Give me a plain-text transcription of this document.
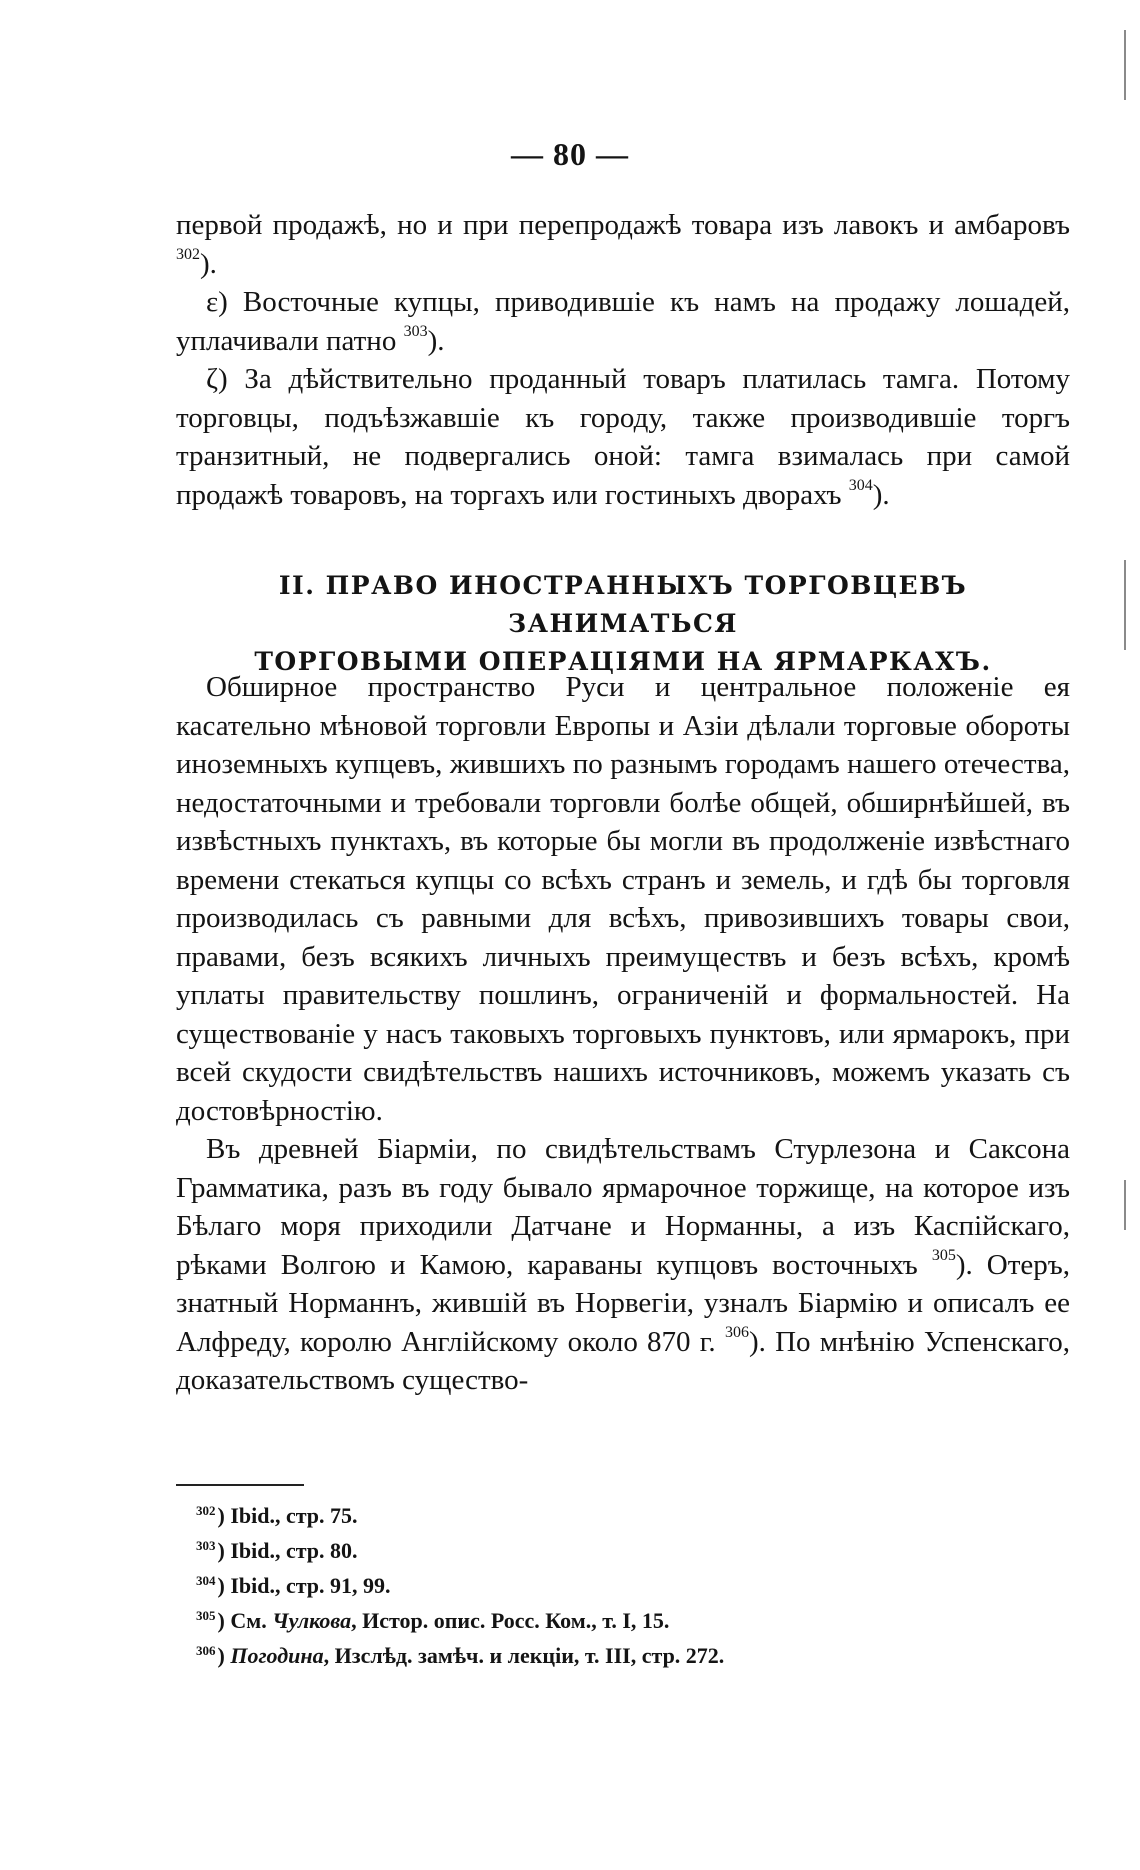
— 80 —

первой продажѣ, но и при перепродажѣ товара изъ лавокъ и амбаровъ $^{302}$).

ε) Восточные купцы, приводившіе къ намъ на продажу лошадей, уплачивали патно $^{303}$).

ζ) За дѣйствительно проданный товаръ платилась тамга. Потому торговцы, подъѣзжавшіе къ городу, также производившіе торгъ транзитный, не подвергались оной: тамга взималась при самой продажѣ товаровъ, на торгахъ или гостиныхъ дворахъ $^{304}$).

II. ПРАВО ИНОСТРАННЫХЪ ТОРГОВЦЕВЪ ЗАНИМАТЬСЯ
ТОРГОВЫМИ ОПЕРАЦІЯМИ НА ЯРМАРКАХЪ.

Обширное пространство Руси и центральное положеніе ея касательно мѣновой торговли Европы и Азіи дѣлали торговые обороты иноземныхъ купцевъ, жившихъ по разнымъ городамъ нашего отечества, недостаточными и требовали торговли болѣе общей, обширнѣйшей, въ извѣстныхъ пунктахъ, въ которые бы могли въ продолженіе извѣстнаго времени стекаться купцы со всѣхъ странъ и земель, и гдѣ бы торговля производилась съ равными для всѣхъ, привозившихъ товары свои, правами, безъ всякихъ личныхъ преимуществъ и безъ всѣхъ, кромѣ уплаты правительству пошлинъ, ограниченій и формальностей. На существованіе у насъ таковыхъ торговыхъ пунктовъ, или ярмарокъ, при всей скудости свидѣтельствъ нашихъ источниковъ, можемъ указать съ достовѣрностію.

Въ древней Біарміи, по свидѣтельствамъ Стурлезона и Саксона Грамматика, разъ въ году бывало ярмарочное торжище, на которое изъ Бѣлаго моря приходили Датчане и Норманны, а изъ Каспійскаго, рѣками Волгою и Камою, караваны купцовъ восточныхъ $^{305}$). Отеръ, знатный Норманнъ, жившій въ Норвегіи, узналъ Біармію и описалъ ее Алфреду, королю Англійскому около 870 г. $^{306}$). По мнѣнію Успенскаго, доказательствомъ существо-

$^{302}$) Ibid., стр. 75.
$^{303}$) Ibid., стр. 80.
$^{304}$) Ibid., стр. 91, 99.
$^{305}$) См. Чулкова, Истор. опис. Росс. Ком., т. I, 15.
$^{306}$) Погодина, Изслѣд. замѣч. и лекціи, т. III, стр. 272.
